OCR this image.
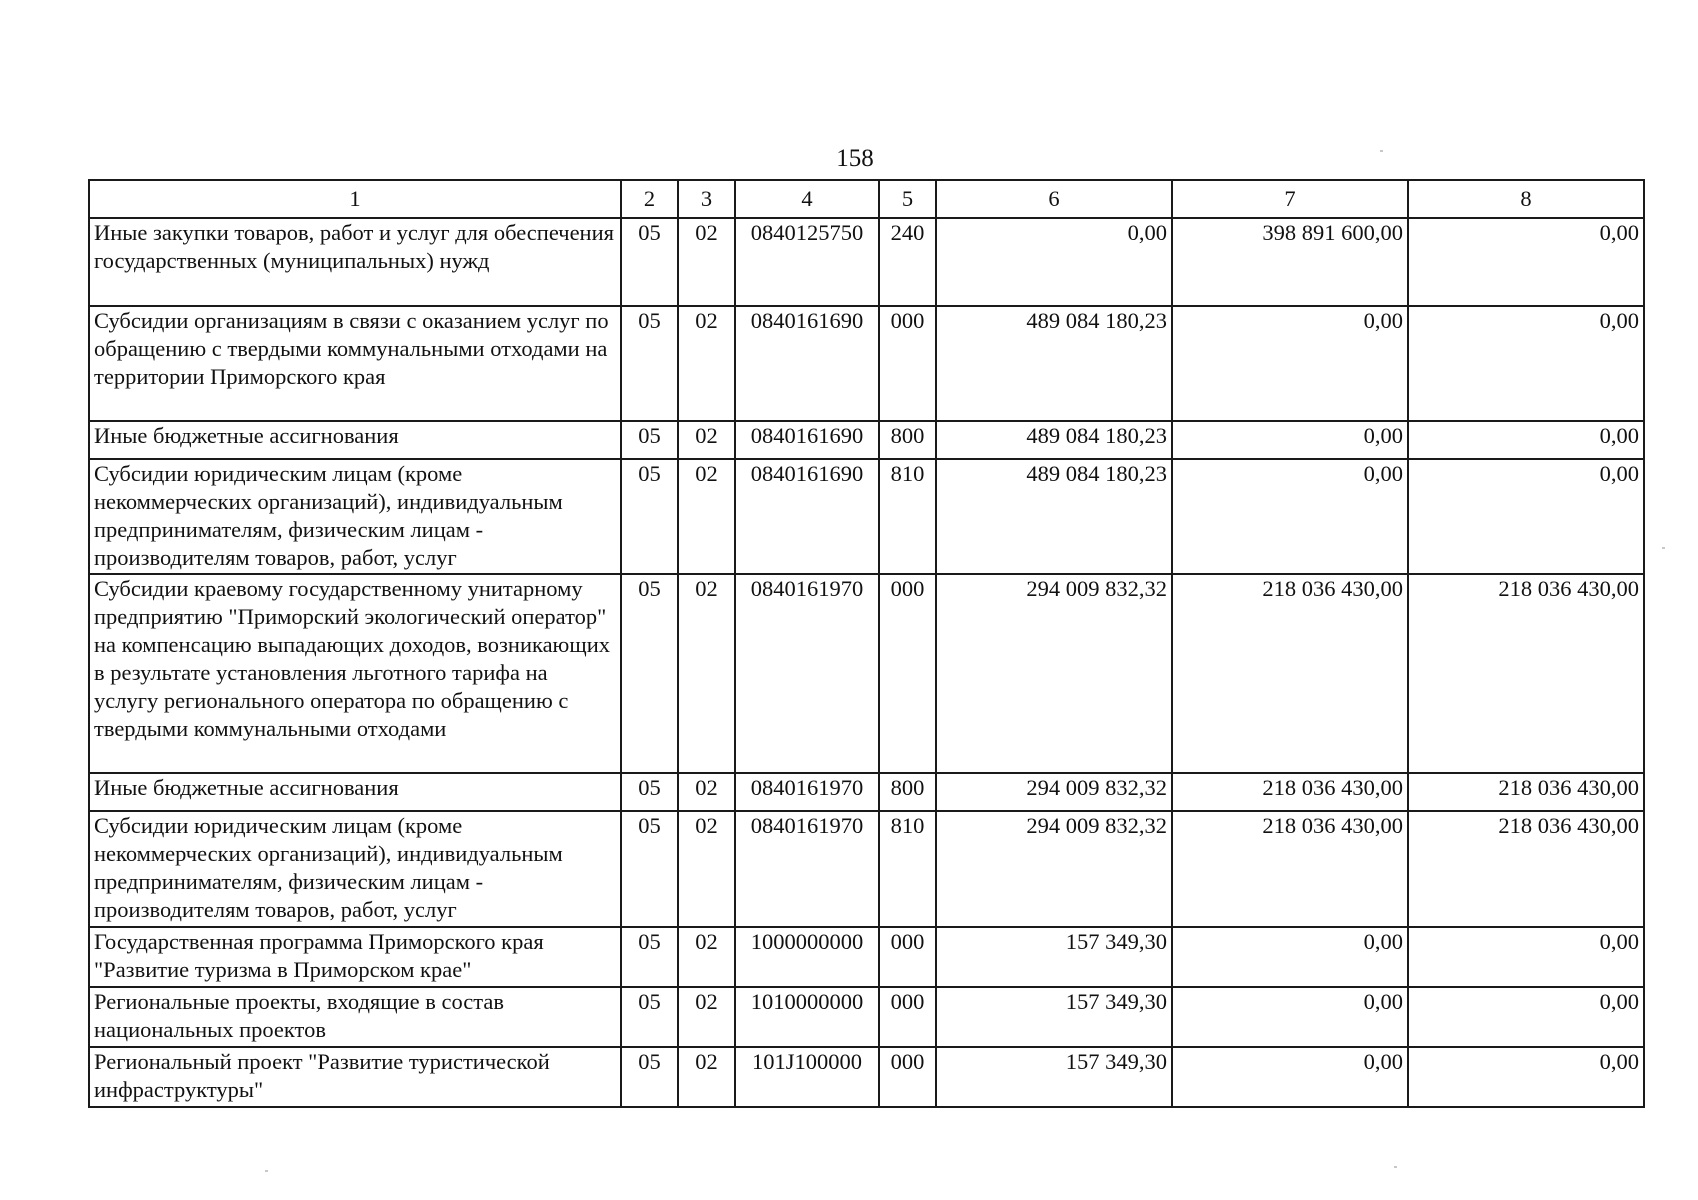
158
1	2	3	4	5	6	7	8
Иные закупки товаров, работ и услуг для обеспечения государственных (муниципальных) нужд	05	02	0840125750	240	0,00	398 891 600,00	0,00
Субсидии организациям в связи с оказанием услуг по обращению с твердыми коммунальными отходами на территории Приморского края	05	02	0840161690	000	489 084 180,23	0,00	0,00
Иные бюджетные ассигнования	05	02	0840161690	800	489 084 180,23	0,00	0,00
Субсидии юридическим лицам (кроме некоммерческих организаций), индивидуальным предпринимателям, физическим лицам - производителям товаров, работ, услуг	05	02	0840161690	810	489 084 180,23	0,00	0,00
Субсидии краевому государственному унитарному предприятию "Приморский экологический оператор" на компенсацию выпадающих доходов, возникающих в результате установления льготного тарифа на услугу регионального оператора по обращению с твердыми коммунальными отходами	05	02	0840161970	000	294 009 832,32	218 036 430,00	218 036 430,00
Иные бюджетные ассигнования	05	02	0840161970	800	294 009 832,32	218 036 430,00	218 036 430,00
Субсидии юридическим лицам (кроме некоммерческих организаций), индивидуальным предпринимателям, физическим лицам - производителям товаров, работ, услуг	05	02	0840161970	810	294 009 832,32	218 036 430,00	218 036 430,00
Государственная программа Приморского края "Развитие туризма в Приморском крае"	05	02	1000000000	000	157 349,30	0,00	0,00
Региональные проекты, входящие в состав национальных проектов	05	02	1010000000	000	157 349,30	0,00	0,00
Региональный проект "Развитие туристической инфраструктуры"	05	02	101J100000	000	157 349,30	0,00	0,00
